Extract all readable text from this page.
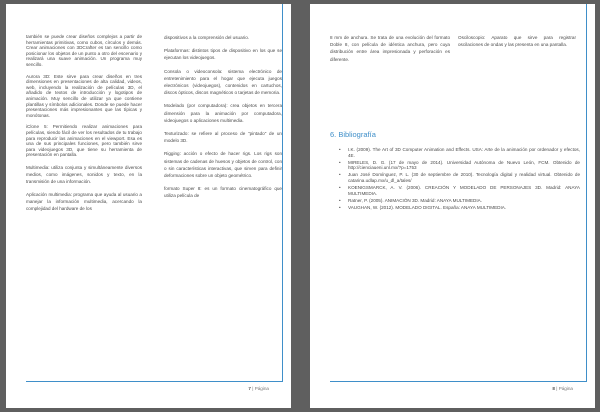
también se puede crear diseños complejos a partir de herramientas primitivas, como cubos, círculos y demás. Crear animaciones con 3DCrafter es tan sencillo como posicionar los objetos de un punto a otro del escenario y realizará una suave animación. Un programa muy sencillo.

Aurora 3D: Este sirve para crear diseños en tres dimensiones en presentaciones de alta calidad, videos, web, incluyendo la realización de películas 3D, el añadido de textos de introducción y logotipos de animación. Muy sencillo de utilizar ya que contiene plantillas y símbolos adicionales. Donde se puede hacer presentaciones más impresionantes que las típicas y monótonas.

iClone 5: Permitiendo realizar animaciones para películas, siendo fácil de ver los resultados de tu trabajo para reproducir las animaciones en el viewport. Esa es una de sus principales funciones, pero también sirve para videojuegos 3D, que tiene su herramienta de presentación en pantalla.

Multimedia: utiliza conjunta y simultáneamente diversos medios, como imágenes, sonidos y texto, en la transmisión de una información.

Aplicación multimedia: programa que ayuda al usuario a manejar la información multimedia, acercando la complejidad del hardware de los

dispositivos a la comprensión del usuario.

Plataformas: distintos tipos de dispositivo en los que se ejecutan los videojuegos.

Consola o videoconsola: sistema electrónico de entretenimiento para el hogar que ejecuta juegos electrónicos (videojuegos), contenidos en cartuchos, discos ópticos, discos magnéticos o tarjetas de memoria.

Modelado (por computadora): crea objetos en tercera dimensión para la animación por computadora, videojuegos o aplicaciones multimedia.

Texturizado: se refiere al proceso de "pintado" de un modelo 3D.

Rigging: acción o efecto de hacer rigs. Los rigs son sistemas de cadenas de huesos y objetos de control, con o sin características interactivas, que sirven para definir deformaciones sobre un objeto geométrico.

formato Super 8: es un formato cinematográfico que utiliza película de

7 | Página

8 mm de anchura. Se trata de una evolución del formato Doble 8, con película de idéntica anchura, pero cuya distribución entre área impresionada y perforación es diferente.

Osciloscopio: Aparato que sirve para registrar oscilaciones de ondas y las presenta en una pantalla.

6. Bibliografía
• I.K. (2009). The Art of 3D Computer Animation and Effects. USA: Arte de la animación por ordenador y efectos, 4E.
• MIRELES, D. G. (17 de mayo de 2014). Universidad Autónoma de Nuevo León, FCM. Obtenido de http://cienciaueni.unl.mx/?p=1753
• Juan José Domínguez, P. L. (30 de septiembre de 2010). Tecnología digital y realidad virtual. Obtenido de catarina.udlap.mx/u_dl_a/tales/
• KOENIGSMARCK, A. V. (2006). CREACIÓN Y MODELADO DE PERSONAJES 3D. Madrid: ANAYA MULTIMEDIA.
• Ratner, P. (2005). ANIMACIÓN 3D. Madrid: ANAYA MULTIMEDIA.
• VAUGHAN, W. (2012). MODELADO DIGITAL. España: ANAYA MULTIMEDIA.
8 | Página
